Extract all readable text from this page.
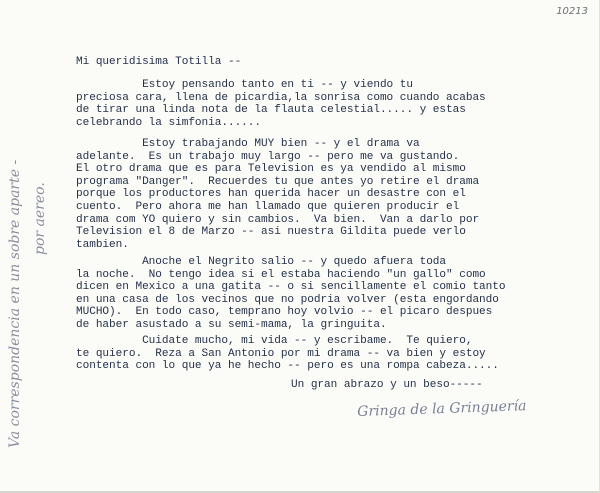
10213
Va correspondencia en un sobre aparte - por aereo.
Mi queridisima Totilla --
Estoy pensando tanto en ti -- y viendo tu
preciosa cara, llena de picardia,la sonrisa como cuando acabas
de tirar una linda nota de la flauta celestial..... y estas
celebrando la simfonia......
Estoy trabajando MUY bien -- y el drama va
adelante.  Es un trabajo muy largo -- pero me va gustando.
El otro drama que es para Television es ya vendido al mismo
programa "Danger".  Recuerdes tu que antes yo retire el drama
porque los productores han querida hacer un desastre con el
cuento.  Pero ahora me han llamado que quieren producir el
drama com YO quiero y sin cambios.  Va bien.  Van a darlo por
Television el 8 de Marzo -- asi nuestra Gildita puede verlo
tambien.
Anoche el Negrito salio -- y quedo afuera toda
la noche.  No tengo idea si el estaba haciendo "un gallo" como
dicen en Mexico a una gatita -- o si sencillamente el comio tanto
en una casa de los vecinos que no podria volver (esta engordando
MUCHO).  En todo caso, temprano hoy volvio -- el picaro despues
de haber asustado a su semi-mama, la gringuita.
Cuidate mucho, mi vida -- y escribame.  Te quiero,
te quiero.  Reza a San Antonio por mi drama -- va bien y estoy
contenta con lo que ya he hecho -- pero es una rompa cabeza.....
Un gran abrazo y un beso-----
Gringa de la Gringuería
